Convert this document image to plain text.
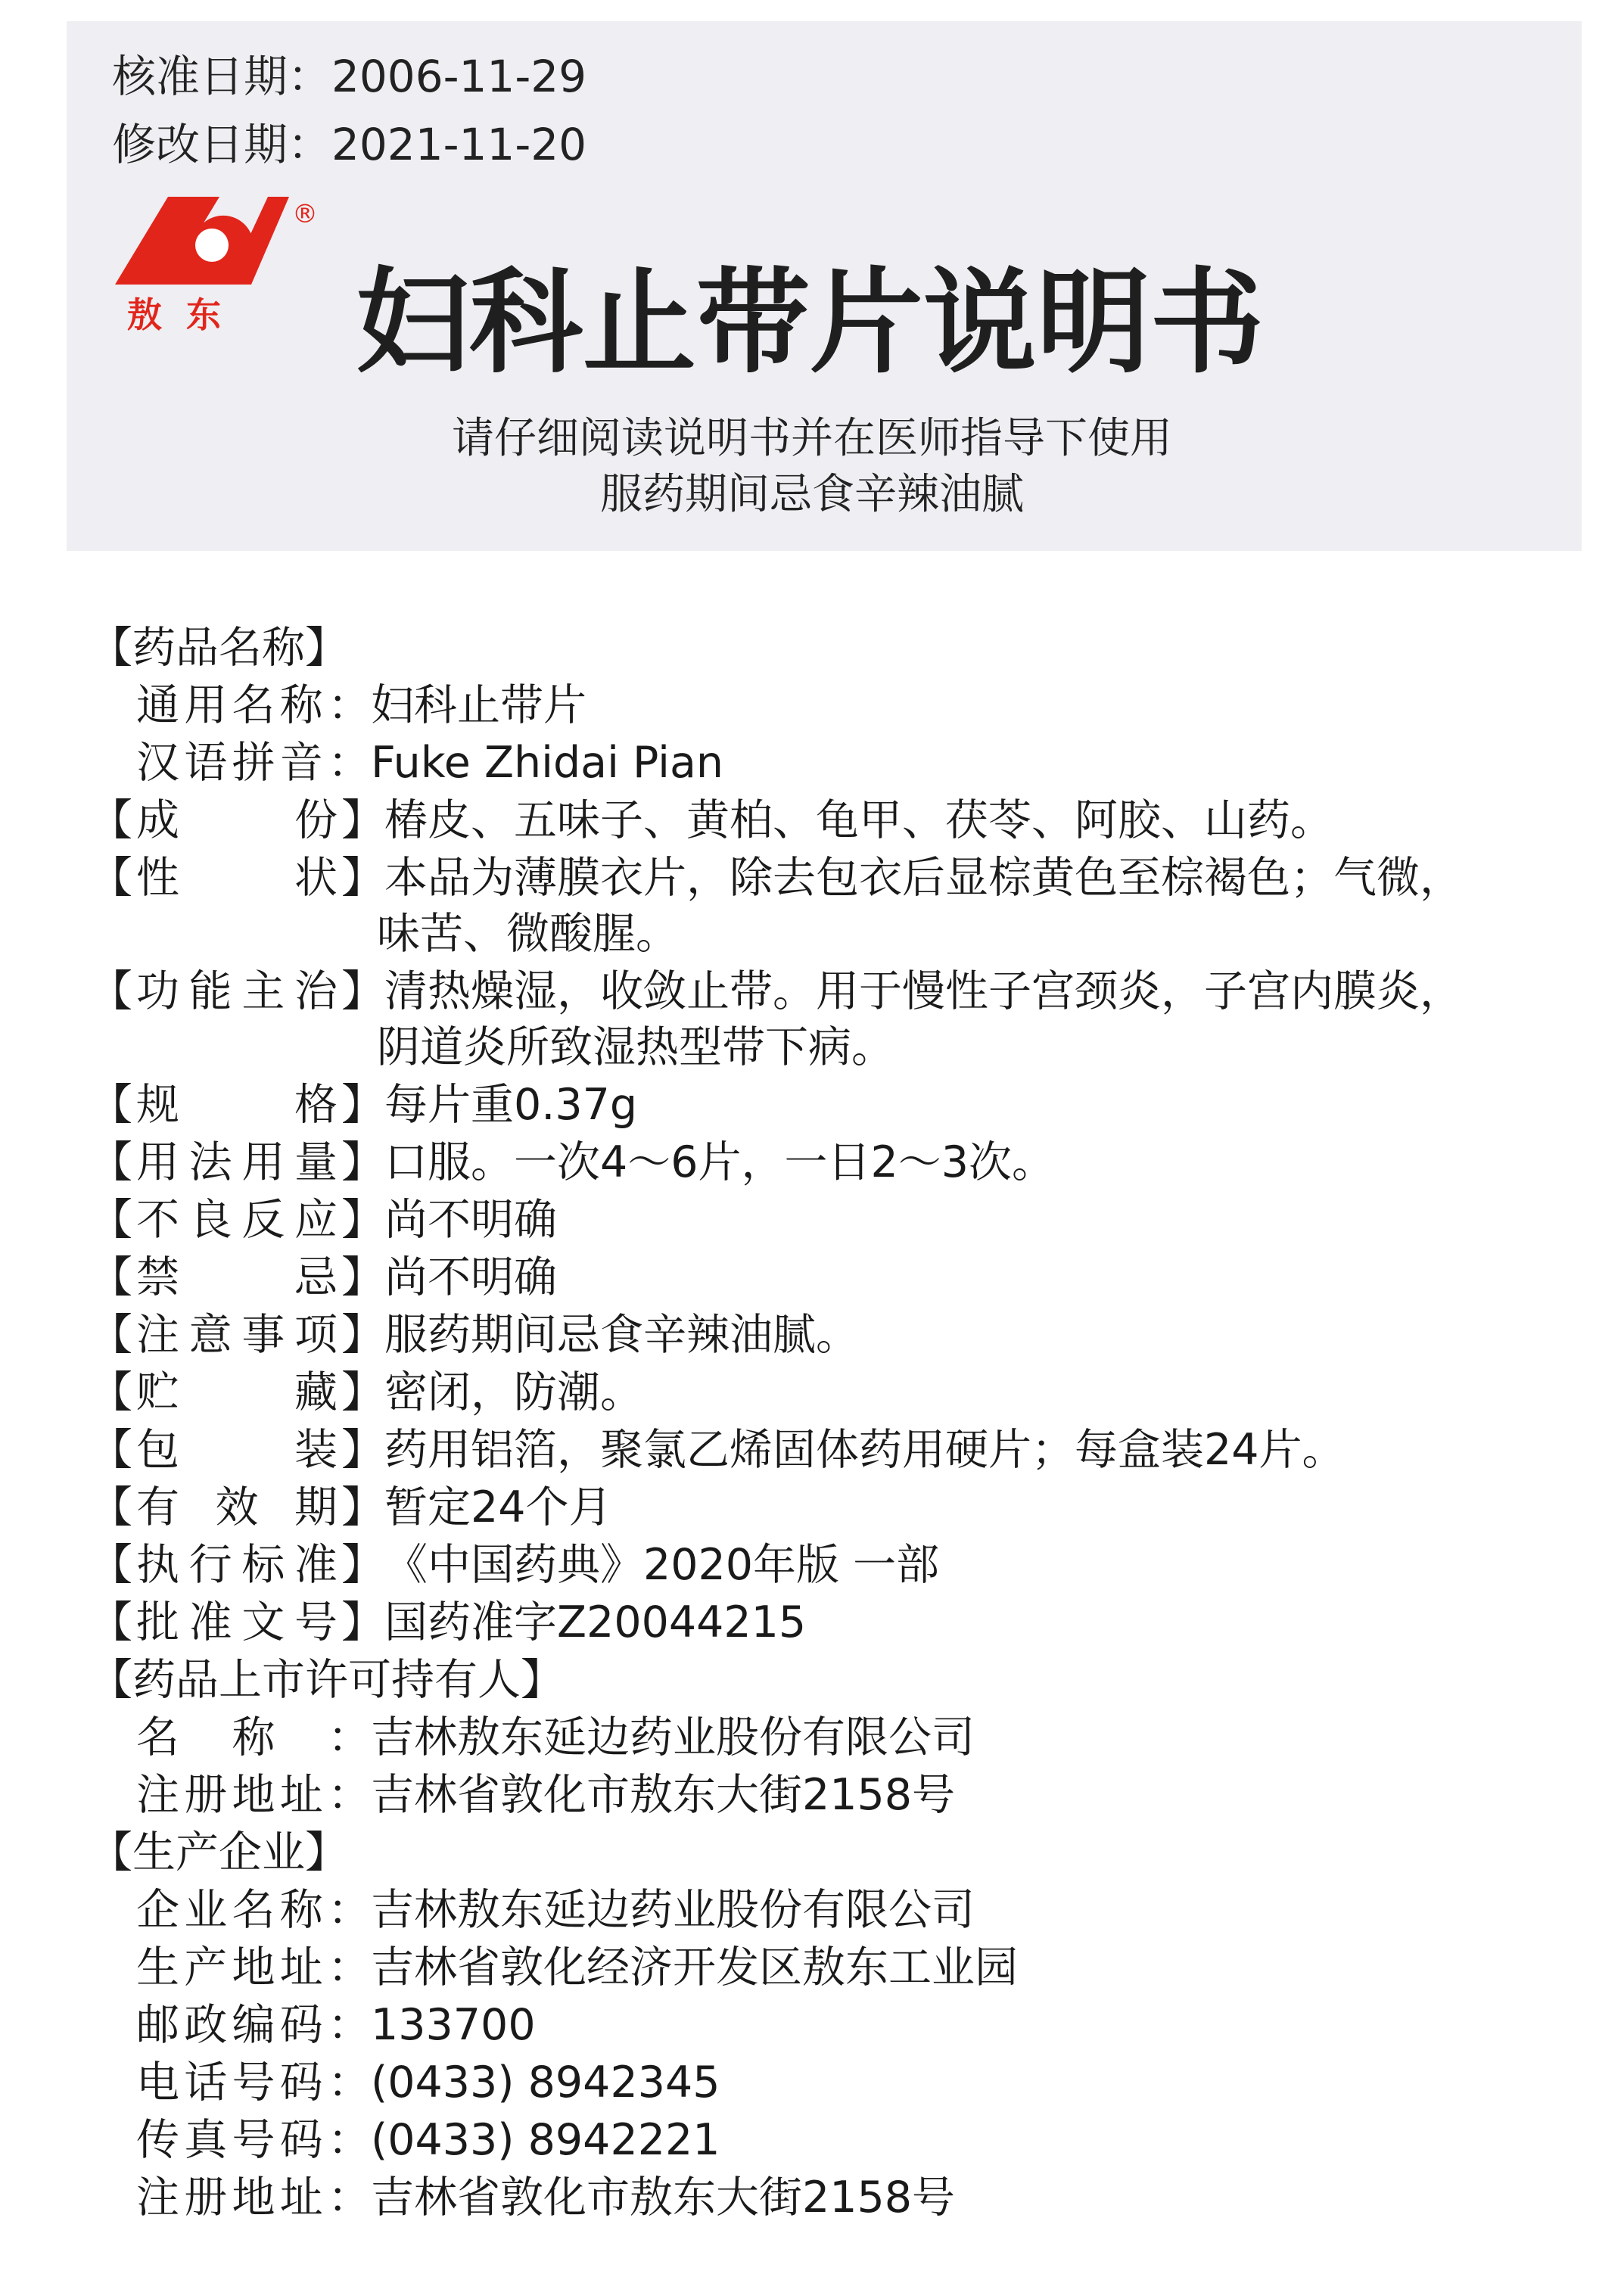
核准日期：2006-11-29
修改日期：2021-11-20
®
敖东 妇科止带片说明书
请仔细阅读说明书并在医师指导下使用
服药期间忌食辛辣油腻
【药品名称】
通用名称：妇科止带片
汉语拼音：Fuke Zhidai Pian
【成份】椿皮、五味子、黄柏、龟甲、茯苓、阿胶、山药。
【性状】本品为薄膜衣片，除去包衣后显棕黄色至棕褐色；气微，
味苦、微酸腥。
【功能主治】清热燥湿，收敛止带。用于慢性子宫颈炎，子宫内膜炎，
阴道炎所致湿热型带下病。
【规格】每片重0.37g
【用法用量】口服。一次4～6片，一日2～3次。
【不良反应】尚不明确
【禁忌】尚不明确
【注意事项】服药期间忌食辛辣油腻。
【贮藏】密闭，防潮。
【包装】药用铝箔，聚氯乙烯固体药用硬片；每盒装24片。
【有效期】暂定24个月
【执行标准】《中国药典》2020年版 一部
【批准文号】国药准字Z20044215
【药品上市许可持有人】
名称：吉林敖东延边药业股份有限公司
注册地址：吉林省敦化市敖东大街2158号
【生产企业】
企业名称：吉林敖东延边药业股份有限公司
生产地址：吉林省敦化经济开发区敖东工业园
邮政编码：133700
电话号码：(0433) 8942345
传真号码：(0433) 8942221
注册地址：吉林省敦化市敖东大街2158号
